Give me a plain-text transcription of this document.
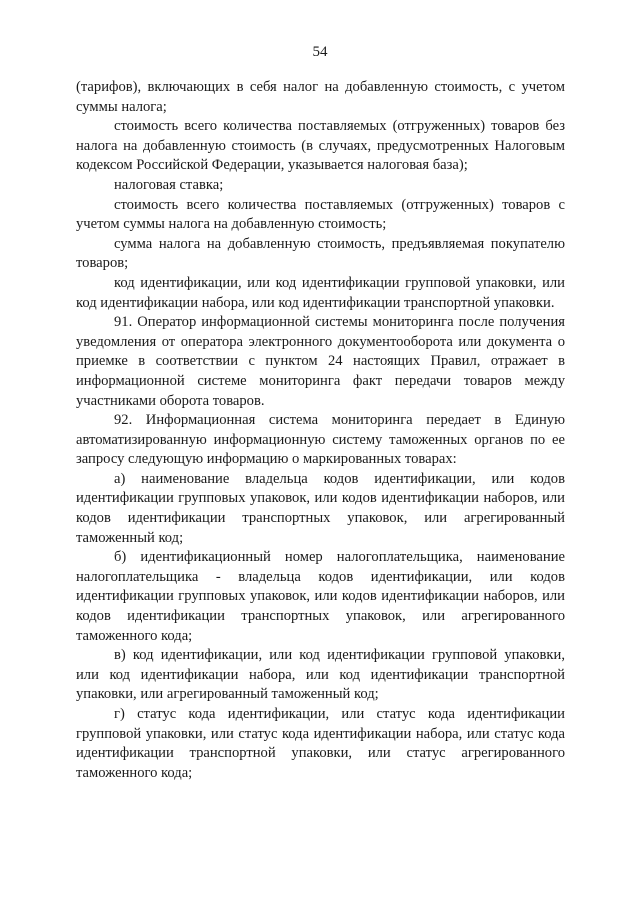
54

(тарифов), включающих в себя налог на добавленную стоимость, с учетом суммы налога;

стоимость всего количества поставляемых (отгруженных) товаров без налога на добавленную стоимость (в случаях, предусмотренных Налоговым кодексом Российской Федерации, указывается налоговая база);

налоговая ставка;

стоимость всего количества поставляемых (отгруженных) товаров с учетом суммы налога на добавленную стоимость;

сумма налога на добавленную стоимость, предъявляемая покупателю товаров;

код идентификации, или код идентификации групповой упаковки, или код идентификации набора, или код идентификации транспортной упаковки.

91. Оператор информационной системы мониторинга после получения уведомления от оператора электронного документооборота или документа о приемке в соответствии с пунктом 24 настоящих Правил, отражает в информационной системе мониторинга факт передачи товаров между участниками оборота товаров.

92. Информационная система мониторинга передает в Единую автоматизированную информационную систему таможенных органов по ее запросу следующую информацию о маркированных товарах:

а) наименование владельца кодов идентификации, или кодов идентификации групповых упаковок, или кодов идентификации наборов, или кодов идентификации транспортных упаковок, или агрегированный таможенный код;

б) идентификационный номер налогоплательщика, наименование налогоплательщика - владельца кодов идентификации, или кодов идентификации групповых упаковок, или кодов идентификации наборов, или кодов идентификации транспортных упаковок, или агрегированного таможенного кода;

в) код идентификации, или код идентификации групповой упаковки, или код идентификации набора, или код идентификации транспортной упаковки, или агрегированный таможенный код;

г) статус кода идентификации, или статус кода идентификации групповой упаковки, или статус кода идентификации набора, или статус кода идентификации транспортной упаковки, или статус агрегированного таможенного кода;
